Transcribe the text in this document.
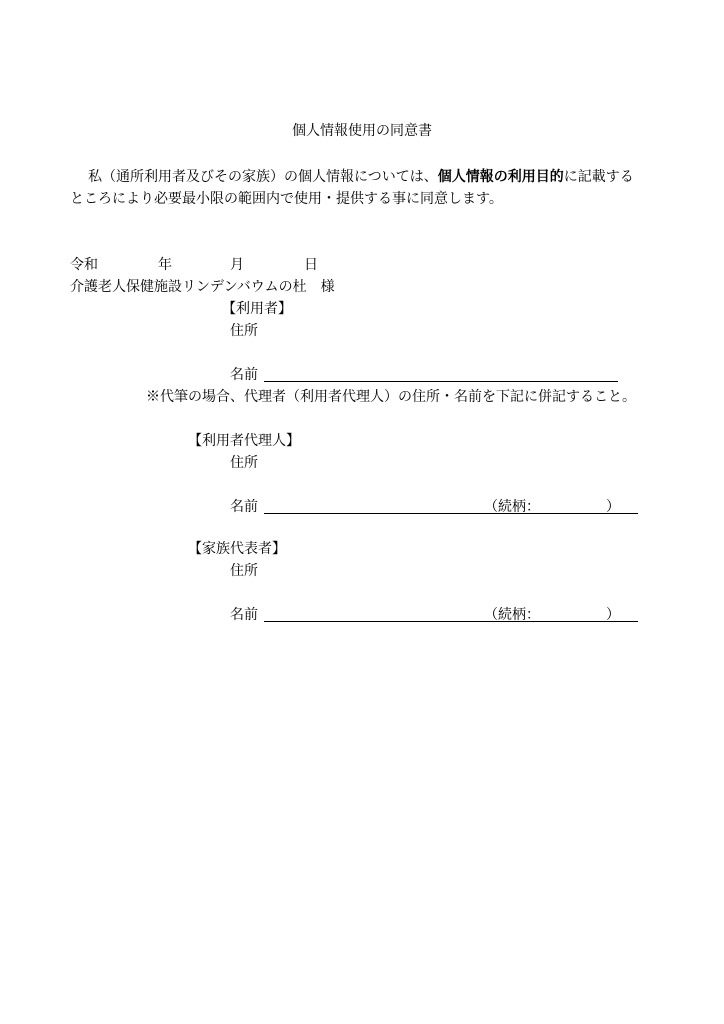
個人情報使用の同意書
私（通所利用者及びその家族）の個人情報については、個人情報の利用目的に記載する
ところにより必要最小限の範囲内で使用・提供する事に同意します。
令和	年	月	日
介護老人保健施設リンデンバウムの杜　様
【利用者】
住所
名前
※代筆の場合、代理者（利用者代理人）の住所・名前を下記に併記すること。
【利用者代理人】
住所
名前	（続柄：	）
【家族代表者】
住所
名前	（続柄：	）
